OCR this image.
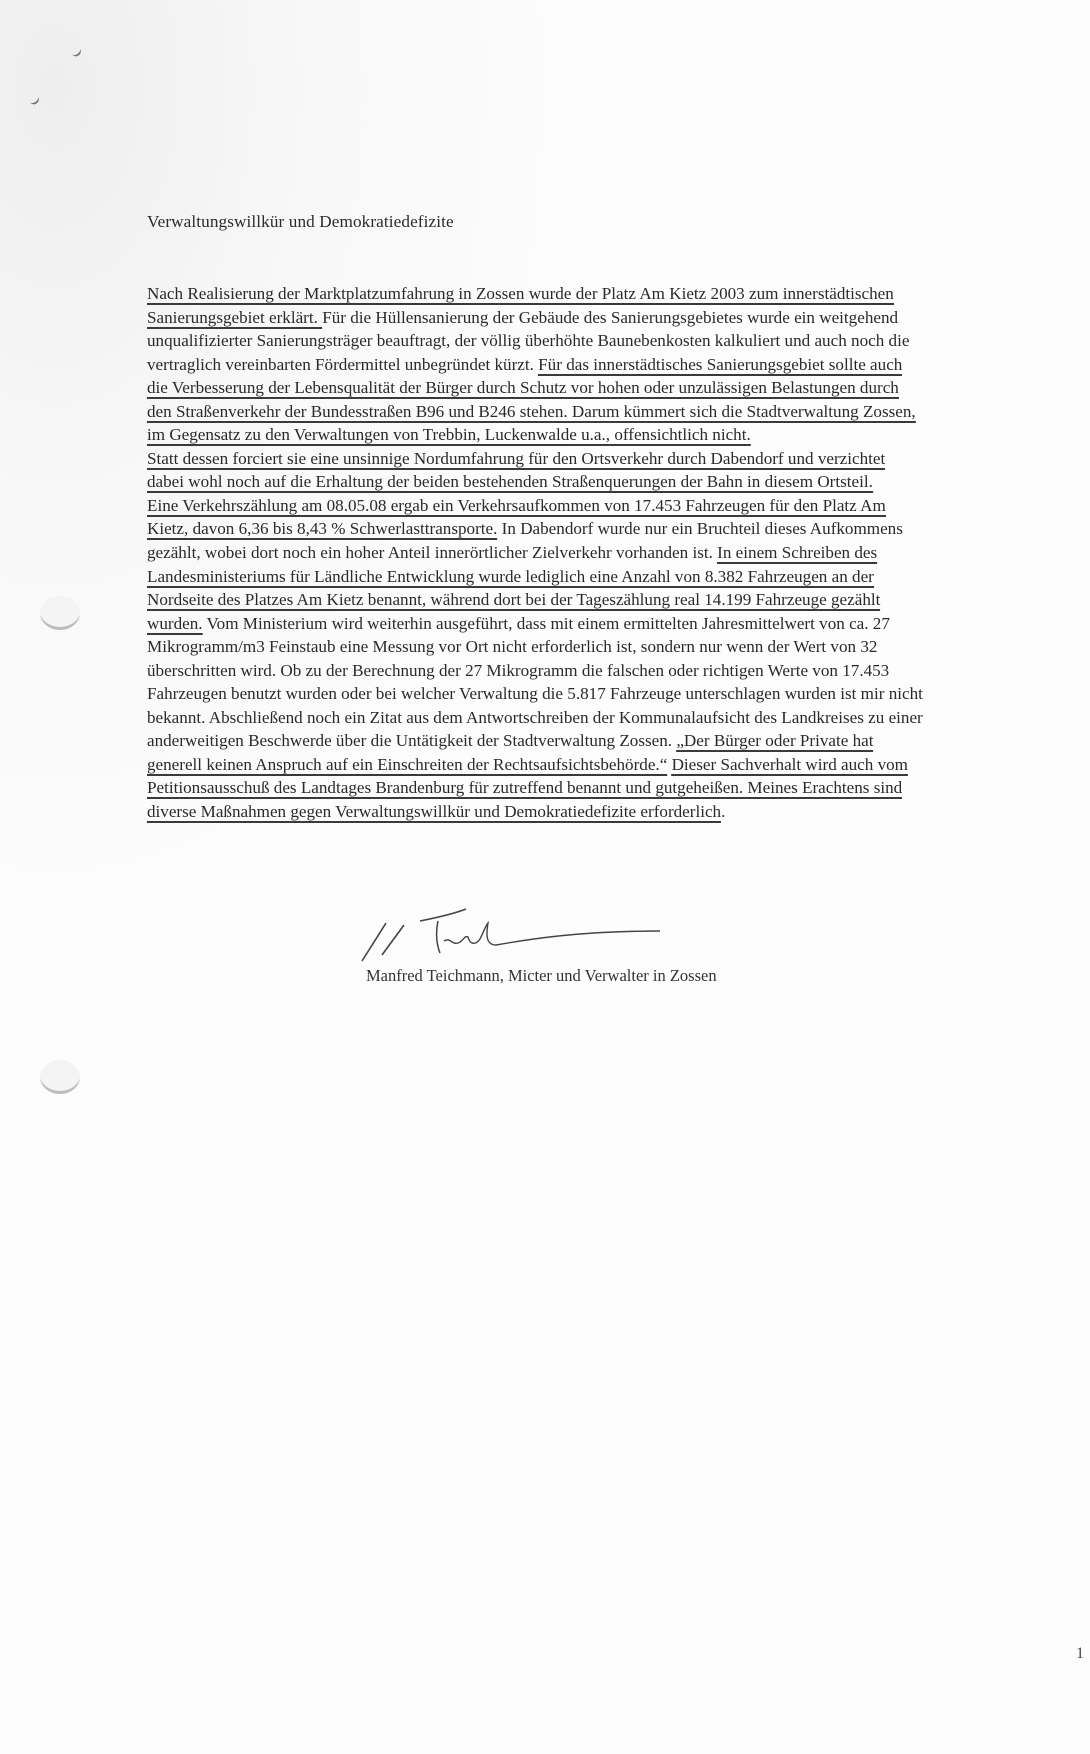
Verwaltungswillkür und Demokratiedefizite
Nach Realisierung der Marktplatzumfahrung in Zossen wurde der Platz Am Kietz 2003 zum innerstädtischen
Sanierungsgebiet erklärt. Für die Hüllensanierung der Gebäude des Sanierungsgebietes wurde ein weitgehend
unqualifizierter Sanierungsträger beauftragt, der völlig überhöhte Baunebenkosten kalkuliert und auch noch die
vertraglich vereinbarten Fördermittel unbegründet kürzt. Für das innerstädtisches Sanierungsgebiet sollte auch
die Verbesserung der Lebensqualität der Bürger durch Schutz vor hohen oder unzulässigen Belastungen durch
den Straßenverkehr der Bundesstraßen B96 und B246 stehen. Darum kümmert sich die Stadtverwaltung Zossen,
im Gegensatz zu den Verwaltungen von Trebbin, Luckenwalde u.a., offensichtlich nicht.
Statt dessen forciert sie eine unsinnige Nordumfahrung für den Ortsverkehr durch Dabendorf und verzichtet
dabei wohl noch auf die Erhaltung der beiden bestehenden Straßenquerungen der Bahn in diesem Ortsteil.
Eine Verkehrszählung am 08.05.08 ergab ein Verkehrsaufkommen von 17.453 Fahrzeugen für den Platz Am
Kietz, davon 6,36 bis 8,43 % Schwerlasttransporte. In Dabendorf wurde nur ein Bruchteil dieses Aufkommens
gezählt, wobei dort noch ein hoher Anteil innerörtlicher Zielverkehr vorhanden ist. In einem Schreiben des
Landesministeriums für Ländliche Entwicklung wurde lediglich eine Anzahl von 8.382 Fahrzeugen an der
Nordseite des Platzes Am Kietz benannt, während dort bei der Tageszählung real 14.199 Fahrzeuge gezählt
wurden. Vom Ministerium wird weiterhin ausgeführt, dass mit einem ermittelten Jahresmittelwert von ca. 27
Mikrogramm/m3 Feinstaub eine Messung vor Ort nicht erforderlich ist, sondern nur wenn der Wert von 32
überschritten wird. Ob zu der Berechnung der 27 Mikrogramm die falschen oder richtigen Werte von 17.453
Fahrzeugen benutzt wurden oder bei welcher Verwaltung die 5.817 Fahrzeuge unterschlagen wurden ist mir nicht
bekannt. Abschließend noch ein Zitat aus dem Antwortschreiben der Kommunalaufsicht des Landkreises zu einer
anderweitigen Beschwerde über die Untätigkeit der Stadtverwaltung Zossen. „Der Bürger oder Private hat
generell keinen Anspruch auf ein Einschreiten der Rechtsaufsichtsbehörde.“ Dieser Sachverhalt wird auch vom
Petitionsausschuß des Landtages Brandenburg für zutreffend benannt und gutgeheißen. Meines Erachtens sind
diverse Maßnahmen gegen Verwaltungswillkür und Demokratiedefizite erforderlich.
Manfred Teichmann, Micter und Verwalter in Zossen
1
